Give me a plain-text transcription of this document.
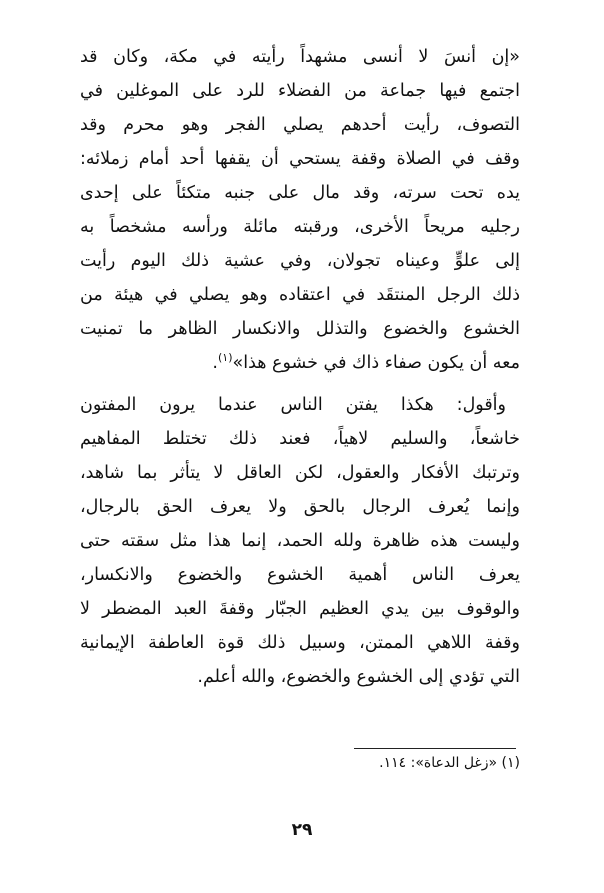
«إن أنسَ لا أنسى مشهداً رأيته في مكة، وكان قد
اجتمع فيها جماعة من الفضلاء للرد على الموغلين في
التصوف، رأيت أحدهم يصلي الفجر وهو محرم وقد
وقف في الصلاة وقفة يستحي أن يقفها أحد أمام زملائه:
يده تحت سرته، وقد مال على جنبه متكئاً على إحدى
رجليه مريحاً الأخرى، ورقبته مائلة ورأسه مشخصاً به
إلى علوٍّ وعيناه تجولان، وفي عشية ذلك اليوم رأيت
ذلك الرجل المنتقَد في اعتقاده وهو يصلي في هيئة من
الخشوع والخضوع والتذلل والانكسار الظاهر ما تمنيت
معه أن يكون صفاء ذاك في خشوع هذا»$^{(١)}$.
وأقول: هكذا يفتن الناس عندما يرون المفتون
خاشعاً، والسليم لاهياً، فعند ذلك تختلط المفاهيم
وترتبك الأفكار والعقول، لكن العاقل لا يتأثر بما شاهد،
وإنما يُعرف الرجال بالحق ولا يعرف الحق بالرجال،
وليست هذه ظاهرة ولله الحمد، إنما هذا مثل سقته حتى
يعرف الناس أهمية الخشوع والخضوع والانكسار،
والوقوف بين يدي العظيم الجبّار وقفةَ العبد المضطر لا
وقفة اللاهي الممتن، وسبيل ذلك قوة العاطفة الإيمانية
التي تؤدي إلى الخشوع والخضوع، والله أعلم.
(١) «زغل الدعاة»: ١١٤.
٢٩
